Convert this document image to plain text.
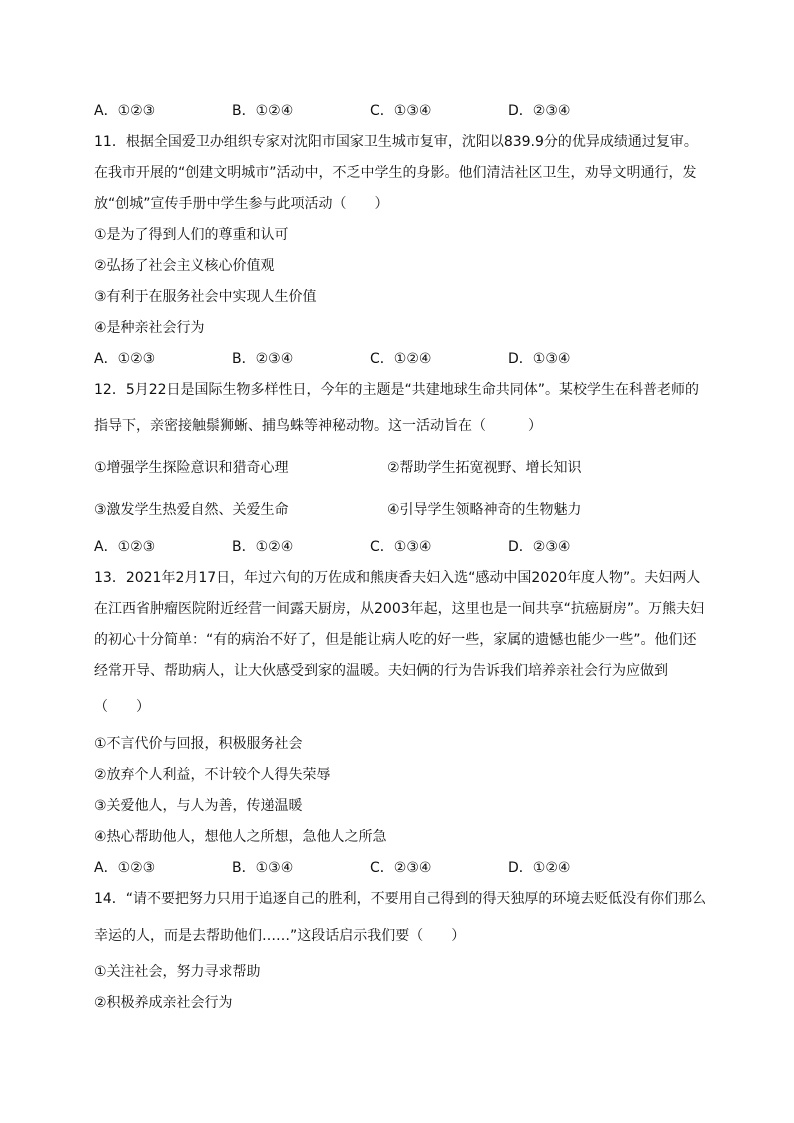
A．①②③	B．①②④	C．①③④	D．②③④
11．根据全国爱卫办组织专家对沈阳市国家卫生城市复审，沈阳以839.9分的优异成绩通过复审。
在我市开展的“创建文明城市”活动中，不乏中学生的身影。他们清洁社区卫生，劝导文明通行，发
放“创城”宣传手册中学生参与此项活动（　　）
①是为了得到人们的尊重和认可
②弘扬了社会主义核心价值观
③有利于在服务社会中实现人生价值
④是种亲社会行为
A．①②③	B．②③④	C．①②④	D．①③④
12．5月22日是国际生物多样性日，今年的主题是“共建地球生命共同体”。某校学生在科普老师的
指导下，亲密接触鬃狮蜥、捕鸟蛛等神秘动物。这一活动旨在（　　　）
①增强学生探险意识和猎奇心理	②帮助学生拓宽视野、增长知识
③激发学生热爱自然、关爱生命	④引导学生领略神奇的生物魅力
A．①②③	B．①②④	C．①③④	D．②③④
13．2021年2月17日，年过六旬的万佐成和熊庚香夫妇入选“感动中国2020年度人物”。夫妇两人
在江西省肿瘤医院附近经营一间露天厨房，从2003年起，这里也是一间共享“抗癌厨房”。万熊夫妇
的初心十分简单：“有的病治不好了，但是能让病人吃的好一些，家属的遗憾也能少一些”。他们还
经常开导、帮助病人，让大伙感受到家的温暖。夫妇俩的行为告诉我们培养亲社会行为应做到
（　　）
①不言代价与回报，积极服务社会
②放弃个人利益，不计较个人得失荣辱
③关爱他人，与人为善，传递温暖
④热心帮助他人，想他人之所想，急他人之所急
A．①②③	B．①③④	C．②③④	D．①②④
14．“请不要把努力只用于追逐自己的胜利，不要用自己得到的得天独厚的环境去贬低没有你们那么
幸运的人，而是去帮助他们……”这段话启示我们要（　　）
①关注社会，努力寻求帮助
②积极养成亲社会行为
